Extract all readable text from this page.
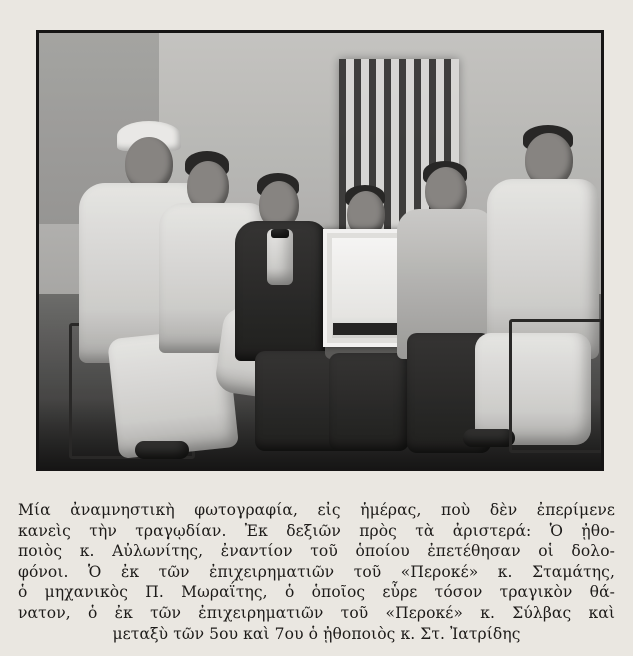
Μία ἀναμνηστικὴ φωτογραφία, εἰς ἡμέρας, ποὺ δὲν ἐπερίμενε
κανεὶς τὴν τραγῳδίαν. Ἐκ δεξιῶν πρὸς τὰ ἀριστερά: Ὁ ᾐθο-
ποιὸς κ. Αὐλωνίτης, ἐναντίον τοῦ ὁποίου ἐπετέθησαν οἱ δολο-
φόνοι. Ὁ ἐκ τῶν ἐπιχειρηματιῶν τοῦ «Περοκέ» κ. Σταμάτης,
ὁ μηχανικὸς Π. Μωραΐτης, ὁ ὁποῖος εὗρε τόσον τραγικὸν θά-
νατον, ὁ ἐκ τῶν ἐπιχειρηματιῶν τοῦ «Περοκέ» κ. Σύλβας καὶ
μεταξὺ τῶν 5ου καὶ 7ου ὁ ᾐθοποιὸς κ. Στ. Ἰατρίδης
